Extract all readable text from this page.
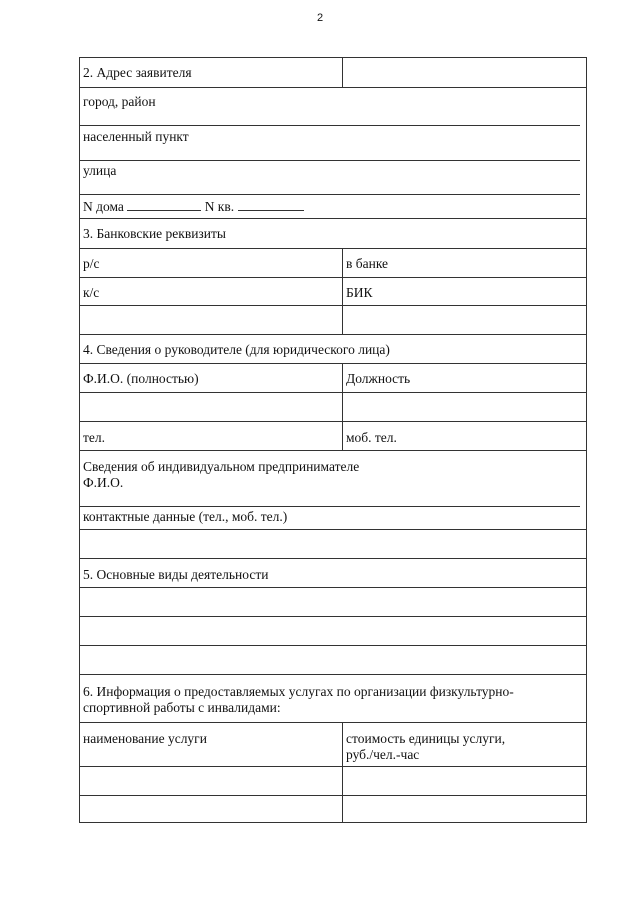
2
2. Адрес заявителя
город, район
населенный пункт
улица
N дома	N кв.
3. Банковские реквизиты
р/с	в банке
к/с	БИК
4. Сведения о руководителе (для юридического лица)
Ф.И.О. (полностью)	Должность
тел.	моб. тел.
Сведения об индивидуальном предпринимателе
Ф.И.О.
контактные данные (тел., моб. тел.)
5. Основные виды деятельности
6. Информация о предоставляемых услугах по организации физкультурно-
спортивной работы с инвалидами:
наименование услуги	стоимость единицы услуги,
руб./чел.-час
